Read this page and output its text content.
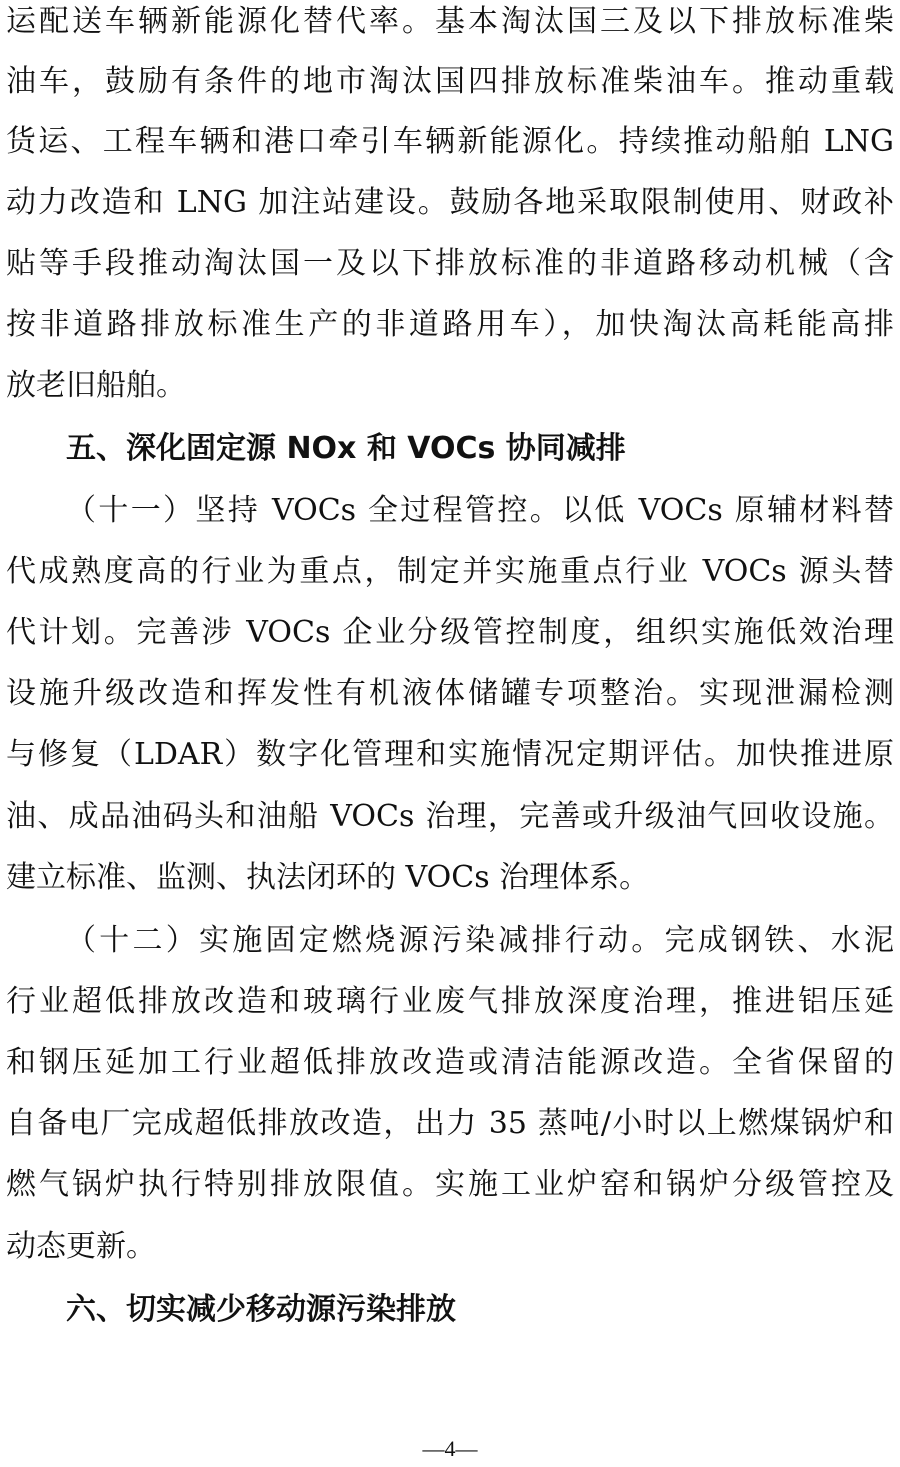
运配送车辆新能源化替代率。基本淘汰国三及以下排放标准柴
油车，鼓励有条件的地市淘汰国四排放标准柴油车。推动重载
货运、工程车辆和港口牵引车辆新能源化。持续推动船舶 LNG
动力改造和 LNG 加注站建设。鼓励各地采取限制使用、财政补
贴等手段推动淘汰国一及以下排放标准的非道路移动机械（含
按非道路排放标准生产的非道路用车），加快淘汰高耗能高排
放老旧船舶。
五、深化固定源 NOx 和 VOCs 协同减排
（十一）坚持 VOCs 全过程管控。以低 VOCs 原辅材料替
代成熟度高的行业为重点，制定并实施重点行业 VOCs 源头替
代计划。完善涉 VOCs 企业分级管控制度，组织实施低效治理
设施升级改造和挥发性有机液体储罐专项整治。实现泄漏检测
与修复（LDAR）数字化管理和实施情况定期评估。加快推进原
油、成品油码头和油船 VOCs 治理，完善或升级油气回收设施。
建立标准、监测、执法闭环的 VOCs 治理体系。
（十二）实施固定燃烧源污染减排行动。完成钢铁、水泥
行业超低排放改造和玻璃行业废气排放深度治理，推进铝压延
和钢压延加工行业超低排放改造或清洁能源改造。全省保留的
自备电厂完成超低排放改造，出力 35 蒸吨/小时以上燃煤锅炉和
燃气锅炉执行特别排放限值。实施工业炉窑和锅炉分级管控及
动态更新。
六、切实减少移动源污染排放
—4—
